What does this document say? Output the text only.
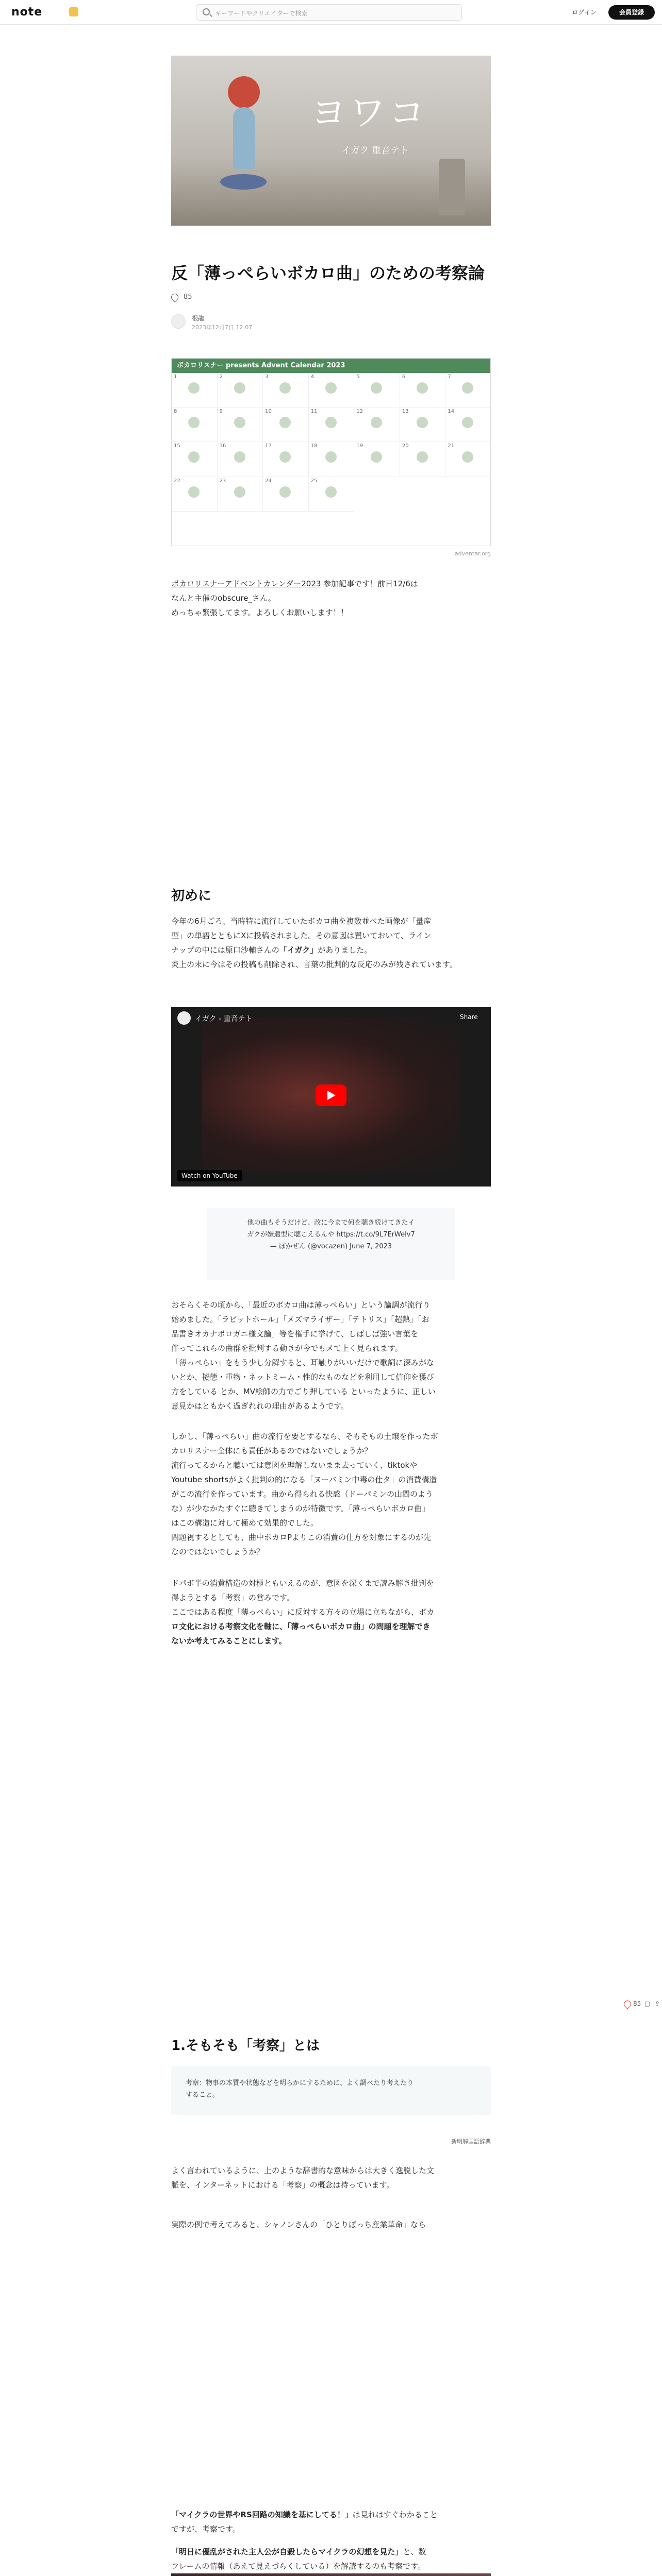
note	キーワードやクリエイターで検索	ログイン	会員登録
ヨワコ
イガク 重音テト
反「薄っぺらいボカロ曲」のための考察論
85
根龍
2023年12月7日 12:07
ボカロリスナー presents Advent Calendar 2023
1	2	3	4	5	6	7
8	9	10	11	12	13	14
15	16	17	18	19	20	21
22	23	24	25
adventar.org
ボカロリスナーアドベントカレンダー2023 参加記事です！前日12/6は
なんと主催のobscure_さん。
めっちゃ緊張してます。よろしくお願いします！！
初めに
今年の6月ごろ、当時特に流行していたボカロ曲を複数並べた画像が「量産
型」の単語とともにXに投稿されました。その意図は置いておいて、ライン
ナップの中には原口沙輔さんの「イガク」がありました。
炎上の末に今はその投稿も削除され、言葉の批判的な反応のみが残されています。
イガク - 重音テト	Share
Watch on YouTube
他の曲もそうだけど、改に今まで何を聴き続けてきたイ
ガクが嫌遣型に聴こえるんや https://t.co/9L7ErWelv7
— ぽかぜん (@vocazen) June 7, 2023
おそらくその頃から、「最近のボカロ曲は薄っぺらい」という論調が流行り
始めました。「ラビットホール」「メズマライザー」「テトリス」「超熱」「お
品書きオカナボロガニ様文論」等を権手に挙げて、しばしば強い言葉を
伴ってこれらの曲群を批判する動きが今でもメて上く見られます。
「薄っぺらい」をもう少し分解すると、耳触りがいいだけで歌詞に深みがな
いとか、擬態・重物・ネットミーム・性的なものなどを利用して信仰を獲び
方をしている とか、MV絵師の力でごり押している といったように、正しい
意見かはともかく過ぎれれの理由があるようです。
しかし、「薄っぺらい」曲の流行を要とするなら、そもそもの土壌を作ったボ
カロリスナー全体にも責任があるのではないでしょうか？
流行ってるからと聴いては意図を理解しないまま去っていく、tiktokや
Youtube shortsがよく批判の的になる「ヌーバミン中毒の仕タ」の消費構造
がこの流行を作っています。曲から得られる快感（ドーパミンの山間のよう
な）が少なかたすぐに聴きてしまうのが特徴です。「薄っぺらいボカロ曲」
はこの構造に対して極めて効果的でした。
問題視するとしても、曲中ボカロPよりこの消費の仕方を対象にするのが先
なのではないでしょうか？
ドパボ半の消費構造の対極ともいえるのが、意図を深くまで読み解き批判を
得ようとする「考察」の営みです。
ここではある程度「薄っぺらい」に反対する方々の立場に立ちながら、ボカ
ロ文化における考察文化を軸に、「薄っぺらいボカロ曲」の問題を理解でき
ないか考えてみることにします。
85 ▢ ⇪
1.そもそも「考察」とは
考察：物事の本質や状態などを明らかにするために、よく調べたり考えたり
すること。
新明解国語辞典
よく言われているように、上のような辞書的な意味からは大きく逸脱した文
脈を、インターネットにおける「考察」の概念は持っています。
実際の例で考えてみると、シャノンさんの「ひとりぼっち産業革命」なら
「マイクラの世界やRS回路の知識を基にしてる！」は見れはすぐわかること
ですが、考察です。
「明日に優乱がされた主人公が自殺したらマイクラの幻想を見た」と、数
フレームの情報（あえて見えづらくしている）を解読するのも考察です。
